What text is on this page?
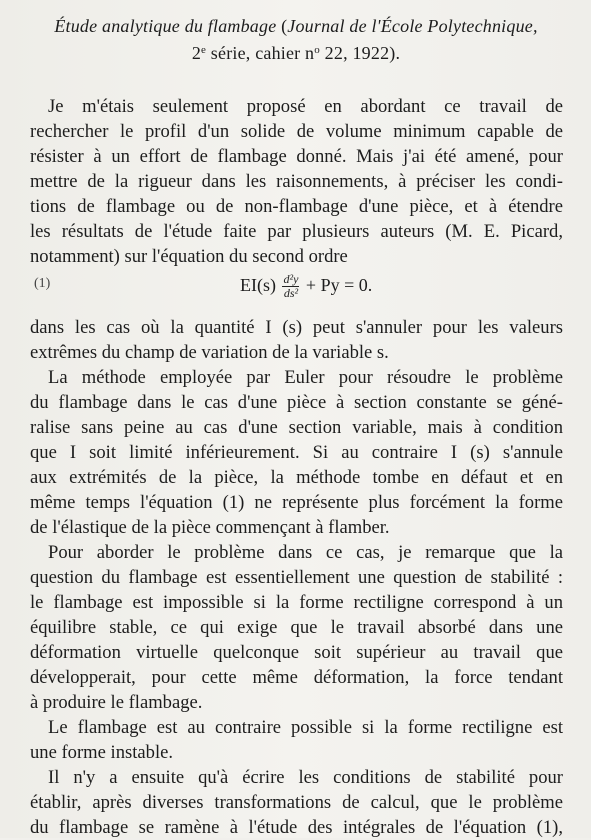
Étude analytique du flambage (Journal de l'École Polytechnique,
2e série, cahier $n^o$ 22, 1922).
Je m'étais seulement proposé en abordant ce travail de
rechercher le profil d'un solide de volume minimum capable de
résister à un effort de flambage donné. Mais j'ai été amené, pour
mettre de la rigueur dans les raisonnements, à préciser les condi-
tions de flambage ou de non-flambage d'une pièce, et à étendre
les résultats de l'étude faite par plusieurs auteurs (M. E. Picard,
notamment) sur l'équation du second ordre
(1)	$EI(s) \frac{\text{d²y}}{\text{ds²}} + Py = 0$.
dans les cas où la quantité I (s) peut s'annuler pour les valeurs
extrêmes du champ de variation de la variable s.
La méthode employée par Euler pour résoudre le problème
du flambage dans le cas d'une pièce à section constante se géné-
ralise sans peine au cas d'une section variable, mais à condition
que I soit limité inférieurement. Si au contraire I (s) s'annule
aux extrémités de la pièce, la méthode tombe en défaut et en
même temps l'équation (1) ne représente plus forcément la forme
de l'élastique de la pièce commençant à flamber.
Pour aborder le problème dans ce cas, je remarque que la
question du flambage est essentiellement une question de stabilité :
le flambage est impossible si la forme rectiligne correspond à un
équilibre stable, ce qui exige que le travail absorbé dans une
déformation virtuelle quelconque soit supérieur au travail que
développerait, pour cette même déformation, la force tendant
à produire le flambage.
Le flambage est au contraire possible si la forme rectiligne est
une forme instable.
Il n'y a ensuite qu'à écrire les conditions de stabilité pour
établir, après diverses transformations de calcul, que le problème
du flambage se ramène à l'étude des intégrales de l'équation (1),
